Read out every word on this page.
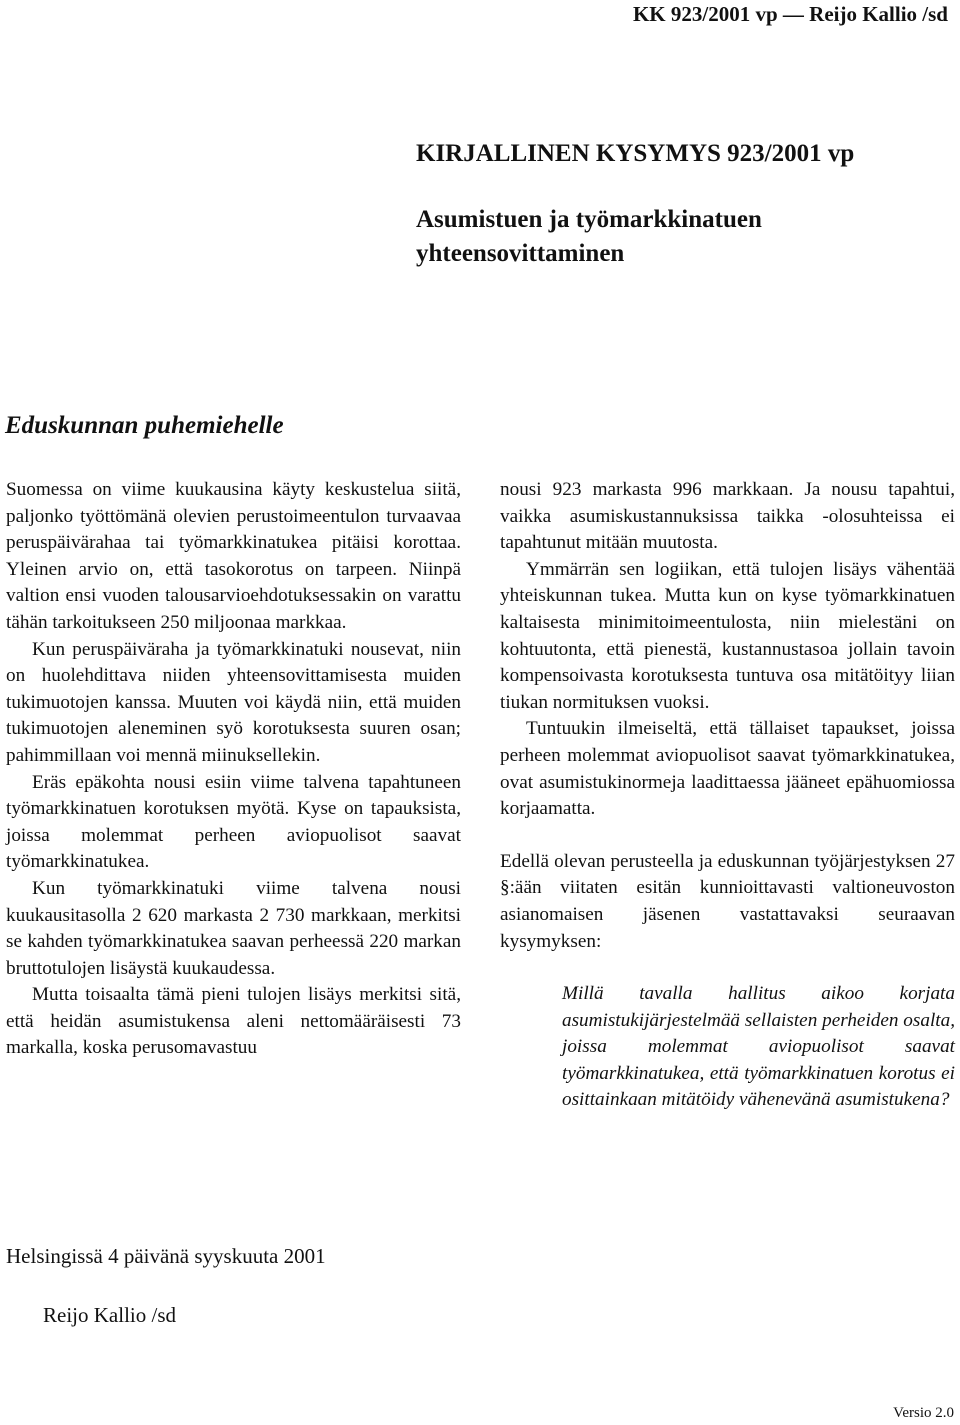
KK 923/2001 vp — Reijo Kallio /sd
KIRJALLINEN KYSYMYS 923/2001 vp
Asumistuen ja työmarkkinatuen yhteensovittaminen
Eduskunnan puhemiehelle

Suomessa on viime kuukausina käyty keskustelua siitä, paljonko työttömänä olevien perustoimeentulon turvaavaa peruspäivärahaa tai työmarkkinatukea pitäisi korottaa. Yleinen arvio on, että tasokorotus on tarpeen. Niinpä valtion ensi vuoden talousarvioehdotuksessakin on varattu tähän tarkoitukseen 250 miljoonaa markkaa.

Kun peruspäiväraha ja työmarkkinatuki nousevat, niin on huolehdittava niiden yhteensovittamisesta muiden tukimuotojen kanssa. Muuten voi käydä niin, että muiden tukimuotojen aleneminen syö korotuksesta suuren osan; pahimmillaan voi mennä miinuksellekin.

Eräs epäkohta nousi esiin viime talvena tapahtuneen työmarkkinatuen korotuksen myötä. Kyse on tapauksista, joissa molemmat perheen aviopuolisot saavat työmarkkinatukea.

Kun työmarkkinatuki viime talvena nousi kuukausitasolla 2 620 markasta 2 730 markkaan, merkitsi se kahden työmarkkinatukea saavan perheessä 220 markan bruttotulojen lisäystä kuukaudessa.

Mutta toisaalta tämä pieni tulojen lisäys merkitsi sitä, että heidän asumistukensa aleni nettomääräisesti 73 markalla, koska perusomavastuu

nousi 923 markasta 996 markkaan. Ja nousu tapahtui, vaikka asumiskustannuksissa taikka -olosuhteissa ei tapahtunut mitään muutosta.

Ymmärrän sen logiikan, että tulojen lisäys vähentää yhteiskunnan tukea. Mutta kun on kyse työmarkkinatuen kaltaisesta minimitoimeentulosta, niin mielestäni on kohtuutonta, että pienestä, kustannustasoa jollain tavoin kompensoivasta korotuksesta tuntuva osa mitätöityy liian tiukan normituksen vuoksi.

Tuntuukin ilmeiseltä, että tällaiset tapaukset, joissa perheen molemmat aviopuolisot saavat työmarkkinatukea, ovat asumistukinormeja laadittaessa jääneet epähuomiossa korjaamatta.

Edellä olevan perusteella ja eduskunnan työjärjestyksen 27 §:ään viitaten esitän kunnioittavasti valtioneuvoston asianomaisen jäsenen vastattavaksi seuraavan kysymyksen:

Millä tavalla hallitus aikoo korjata asumistukijärjestelmää sellaisten perheiden osalta, joissa molemmat aviopuolisot saavat työmarkkinatukea, että työmarkkinatuen korotus ei osittainkaan mitätöidy vähenevänä asumistukena?

Helsingissä 4 päivänä syyskuuta 2001
Reijo Kallio /sd
Versio 2.0
